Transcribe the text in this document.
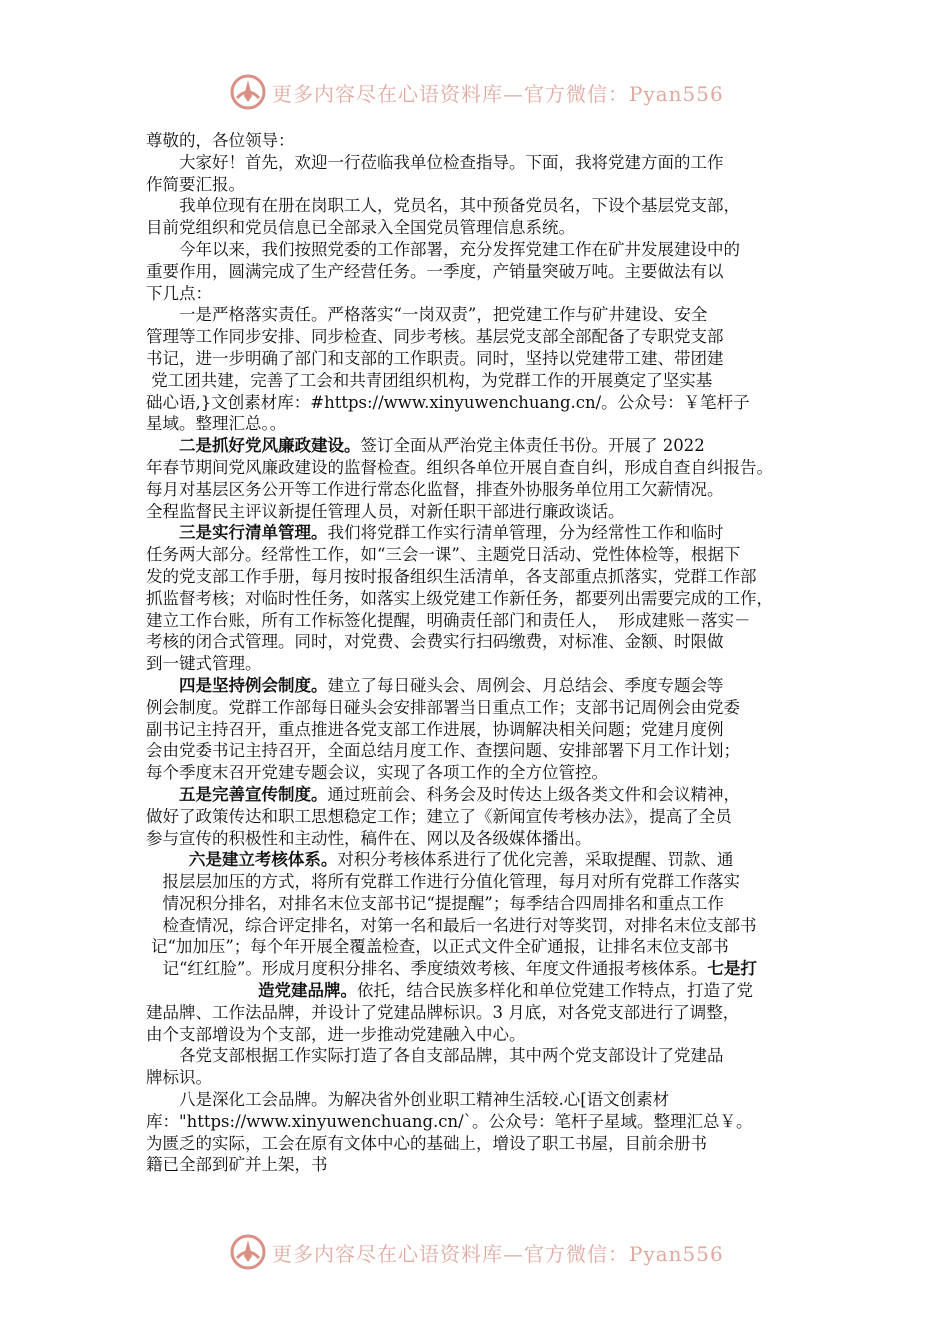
更多内容尽在心语资料库—官方微信：Pyan556

尊敬的，各位领导：

大家好！首先，欢迎一行莅临我单位检查指导。下面，我将党建方面的工作

作简要汇报。

我单位现有在册在岗职工人，党员名，其中预备党员名，下设个基层党支部，

目前党组织和党员信息已全部录入全国党员管理信息系统。

今年以来，我们按照党委的工作部署，充分发挥党建工作在矿井发展建设中的

重要作用，圆满完成了生产经营任务。一季度，产销量突破万吨。主要做法有以

下几点：

一是严格落实责任。严格落实“一岗双责”，把党建工作与矿井建设、安全

管理等工作同步安排、同步检查、同步考核。基层党支部全部配备了专职党支部

书记，进一步明确了部门和支部的工作职责。同时，坚持以党建带工建、带团建

党工团共建，完善了工会和共青团组织机构，为党群工作的开展奠定了坚实基

础心语,}文创素材库：#https://www.xinyuwenchuang.cn/。公众号：￥笔杆子

星域。整理汇总。。

二是抓好党风廉政建设。签订全面从严治党主体责任书份。开展了 2022

年春节期间党风廉政建设的监督检查。组织各单位开展自查自纠，形成自查自纠报告。

每月对基层区务公开等工作进行常态化监督，排查外协服务单位用工欠薪情况。

全程监督民主评议新提任管理人员，对新任职干部进行廉政谈话。

三是实行清单管理。我们将党群工作实行清单管理，分为经常性工作和临时

任务两大部分。经常性工作，如“三会一课”、主题党日活动、党性体检等，根据下

发的党支部工作手册，每月按时报备组织生活清单，各支部重点抓落实，党群工作部

抓监督考核；对临时性任务，如落实上级党建工作新任务，都要列出需要完成的工作，

建立工作台账，所有工作标签化提醒，明确责任部门和责任人，  形成建账－落实－

考核的闭合式管理。同时，对党费、会费实行扫码缴费，对标准、金额、时限做

到一键式管理。

四是坚持例会制度。建立了每日碰头会、周例会、月总结会、季度专题会等

例会制度。党群工作部每日碰头会安排部署当日重点工作；支部书记周例会由党委

副书记主持召开，重点推进各党支部工作进展，协调解决相关问题；党建月度例

会由党委书记主持召开，全面总结月度工作、查摆问题、安排部署下月工作计划；

每个季度末召开党建专题会议，实现了各项工作的全方位管控。

五是完善宣传制度。通过班前会、科务会及时传达上级各类文件和会议精神，

做好了政策传达和职工思想稳定工作；建立了《新闻宣传考核办法》，提高了全员

参与宣传的积极性和主动性，稿件在、网以及各级媒体播出。

六是建立考核体系。对积分考核体系进行了优化完善，采取提醒、罚款、通

报层层加压的方式，将所有党群工作进行分值化管理，每月对所有党群工作落实

情况积分排名，对排名末位支部书记“提提醒”；每季结合四周排名和重点工作

检查情况，综合评定排名，对第一名和最后一名进行对等奖罚，对排名末位支部书

记“加加压”；每个年开展全覆盖检查，以正式文件全矿通报，让排名末位支部书

记“红红脸”。形成月度积分排名、季度绩效考核、年度文件通报考核体系。七是打

造党建品牌。依托，结合民族多样化和单位党建工作特点，打造了党

建品牌、工作法品牌，并设计了党建品牌标识。3 月底，对各党支部进行了调整，

由个支部增设为个支部，进一步推动党建融入中心。

各党支部根据工作实际打造了各自支部品牌，其中两个党支部设计了党建品

牌标识。

八是深化工会品牌。为解决省外创业职工精神生活较.心[语文创素材

库："https://www.xinyuwenchuang.cn/`。公众号：笔杆子星域。整理汇总￥。

为匮乏的实际，工会在原有文体中心的基础上，增设了职工书屋，目前余册书

籍已全部到矿并上架，书

更多内容尽在心语资料库—官方微信：Pyan556
